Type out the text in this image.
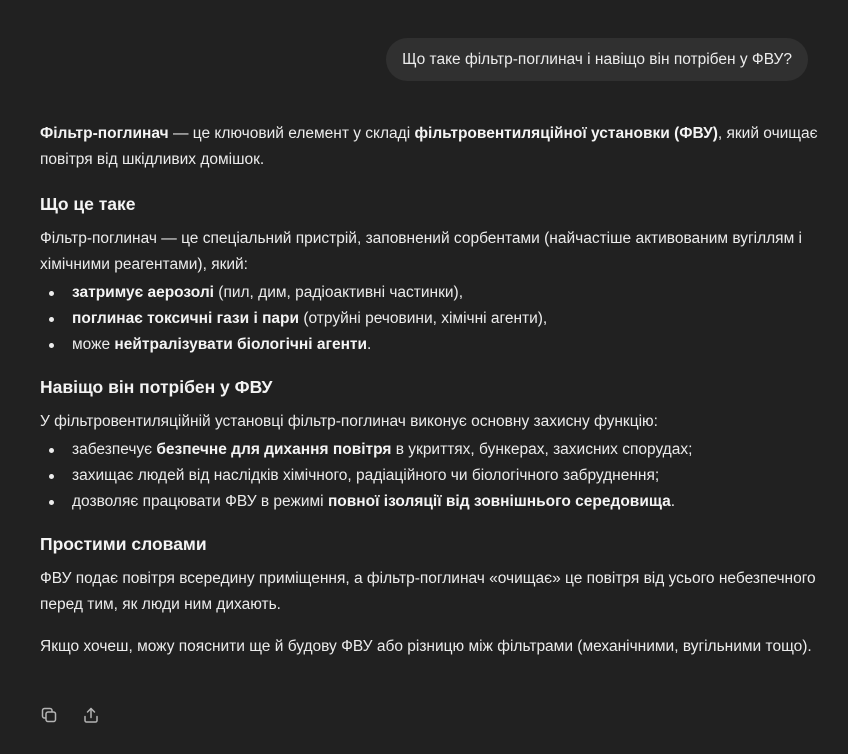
Що таке фільтр-поглинач і навіщо він потрібен у ФВУ?

Фільтр-поглинач — це ключовий елемент у складі фільтровентиляційної установки (ФВУ), який очищає повітря від шкідливих домішок.

Що це таке

Фільтр-поглинач — це спеціальний пристрій, заповнений сорбентами (найчастіше активованим вугіллям і хімічними реагентами), який:

затримує аерозолі (пил, дим, радіоактивні частинки),
поглинає токсичні гази і пари (отруйні речовини, хімічні агенти),
може нейтралізувати біологічні агенти.
Навіщо він потрібен у ФВУ

У фільтровентиляційній установці фільтр-поглинач виконує основну захисну функцію:

забезпечує безпечне для дихання повітря в укриттях, бункерах, захисних спорудах;
захищає людей від наслідків хімічного, радіаційного чи біологічного забруднення;
дозволяє працювати ФВУ в режимі повної ізоляції від зовнішнього середовища.
Простими словами

ФВУ подає повітря всередину приміщення, а фільтр-поглинач «очищає» це повітря від усього небезпечного перед тим, як люди ним дихають.

Якщо хочеш, можу пояснити ще й будову ФВУ або різницю між фільтрами (механічними, вугільними тощо).
